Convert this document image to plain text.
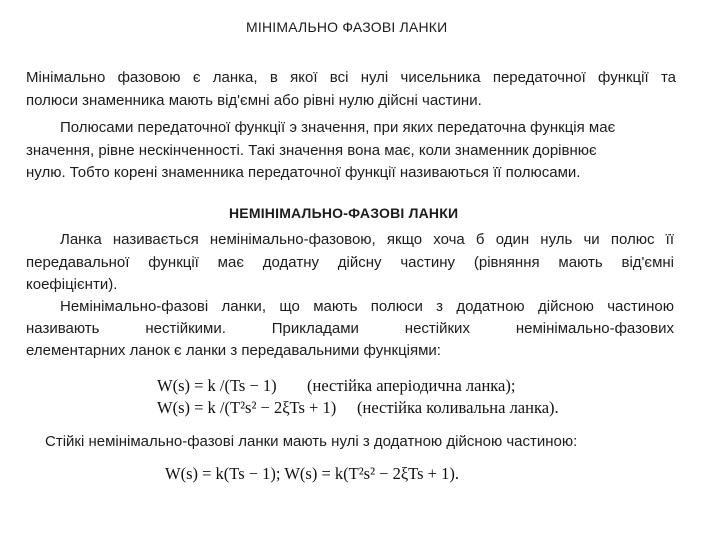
МІНІМАЛЬНО ФАЗОВІ ЛАНКИ
Мінімально фазовою є ланка, в якої всі нулі чисельника передаточної функції та
полюси знаменника мають від'ємні або рівні нулю дійсні частини.
Полюсами передаточної функції э значення, при яких передаточна функція має
значення, рівне нескінченності. Такі значення вона має, коли знаменник дорівнює
нулю. Тобто корені знаменника передаточної функції називаються її полюсами.
НЕМІНІМАЛЬНО-ФАЗОВІ ЛАНКИ
Ланка називається немінімально-фазовою, якщо хоча б один нуль чи полюс її
передавальної функції має додатну дійсну частину (рівняння мають від'ємні
коефіцієнти).
Немінімально-фазові ланки, що мають полюси з додатною дійсною частиною
називають нестійкими. Прикладами нестійких немінімально-фазових
елементарних ланок є ланки з передавальними функціями:
W(s) = k /(Ts − 1) (нестійка аперіодична ланка);
W(s) = k /(T²s² − 2ξTs + 1) (нестійка коливальна ланка).
Стійкі немінімально-фазові ланки мають нулі з додатною дійсною частиною:
W(s) = k(Ts − 1); W(s) = k(T²s² − 2ξTs + 1).
